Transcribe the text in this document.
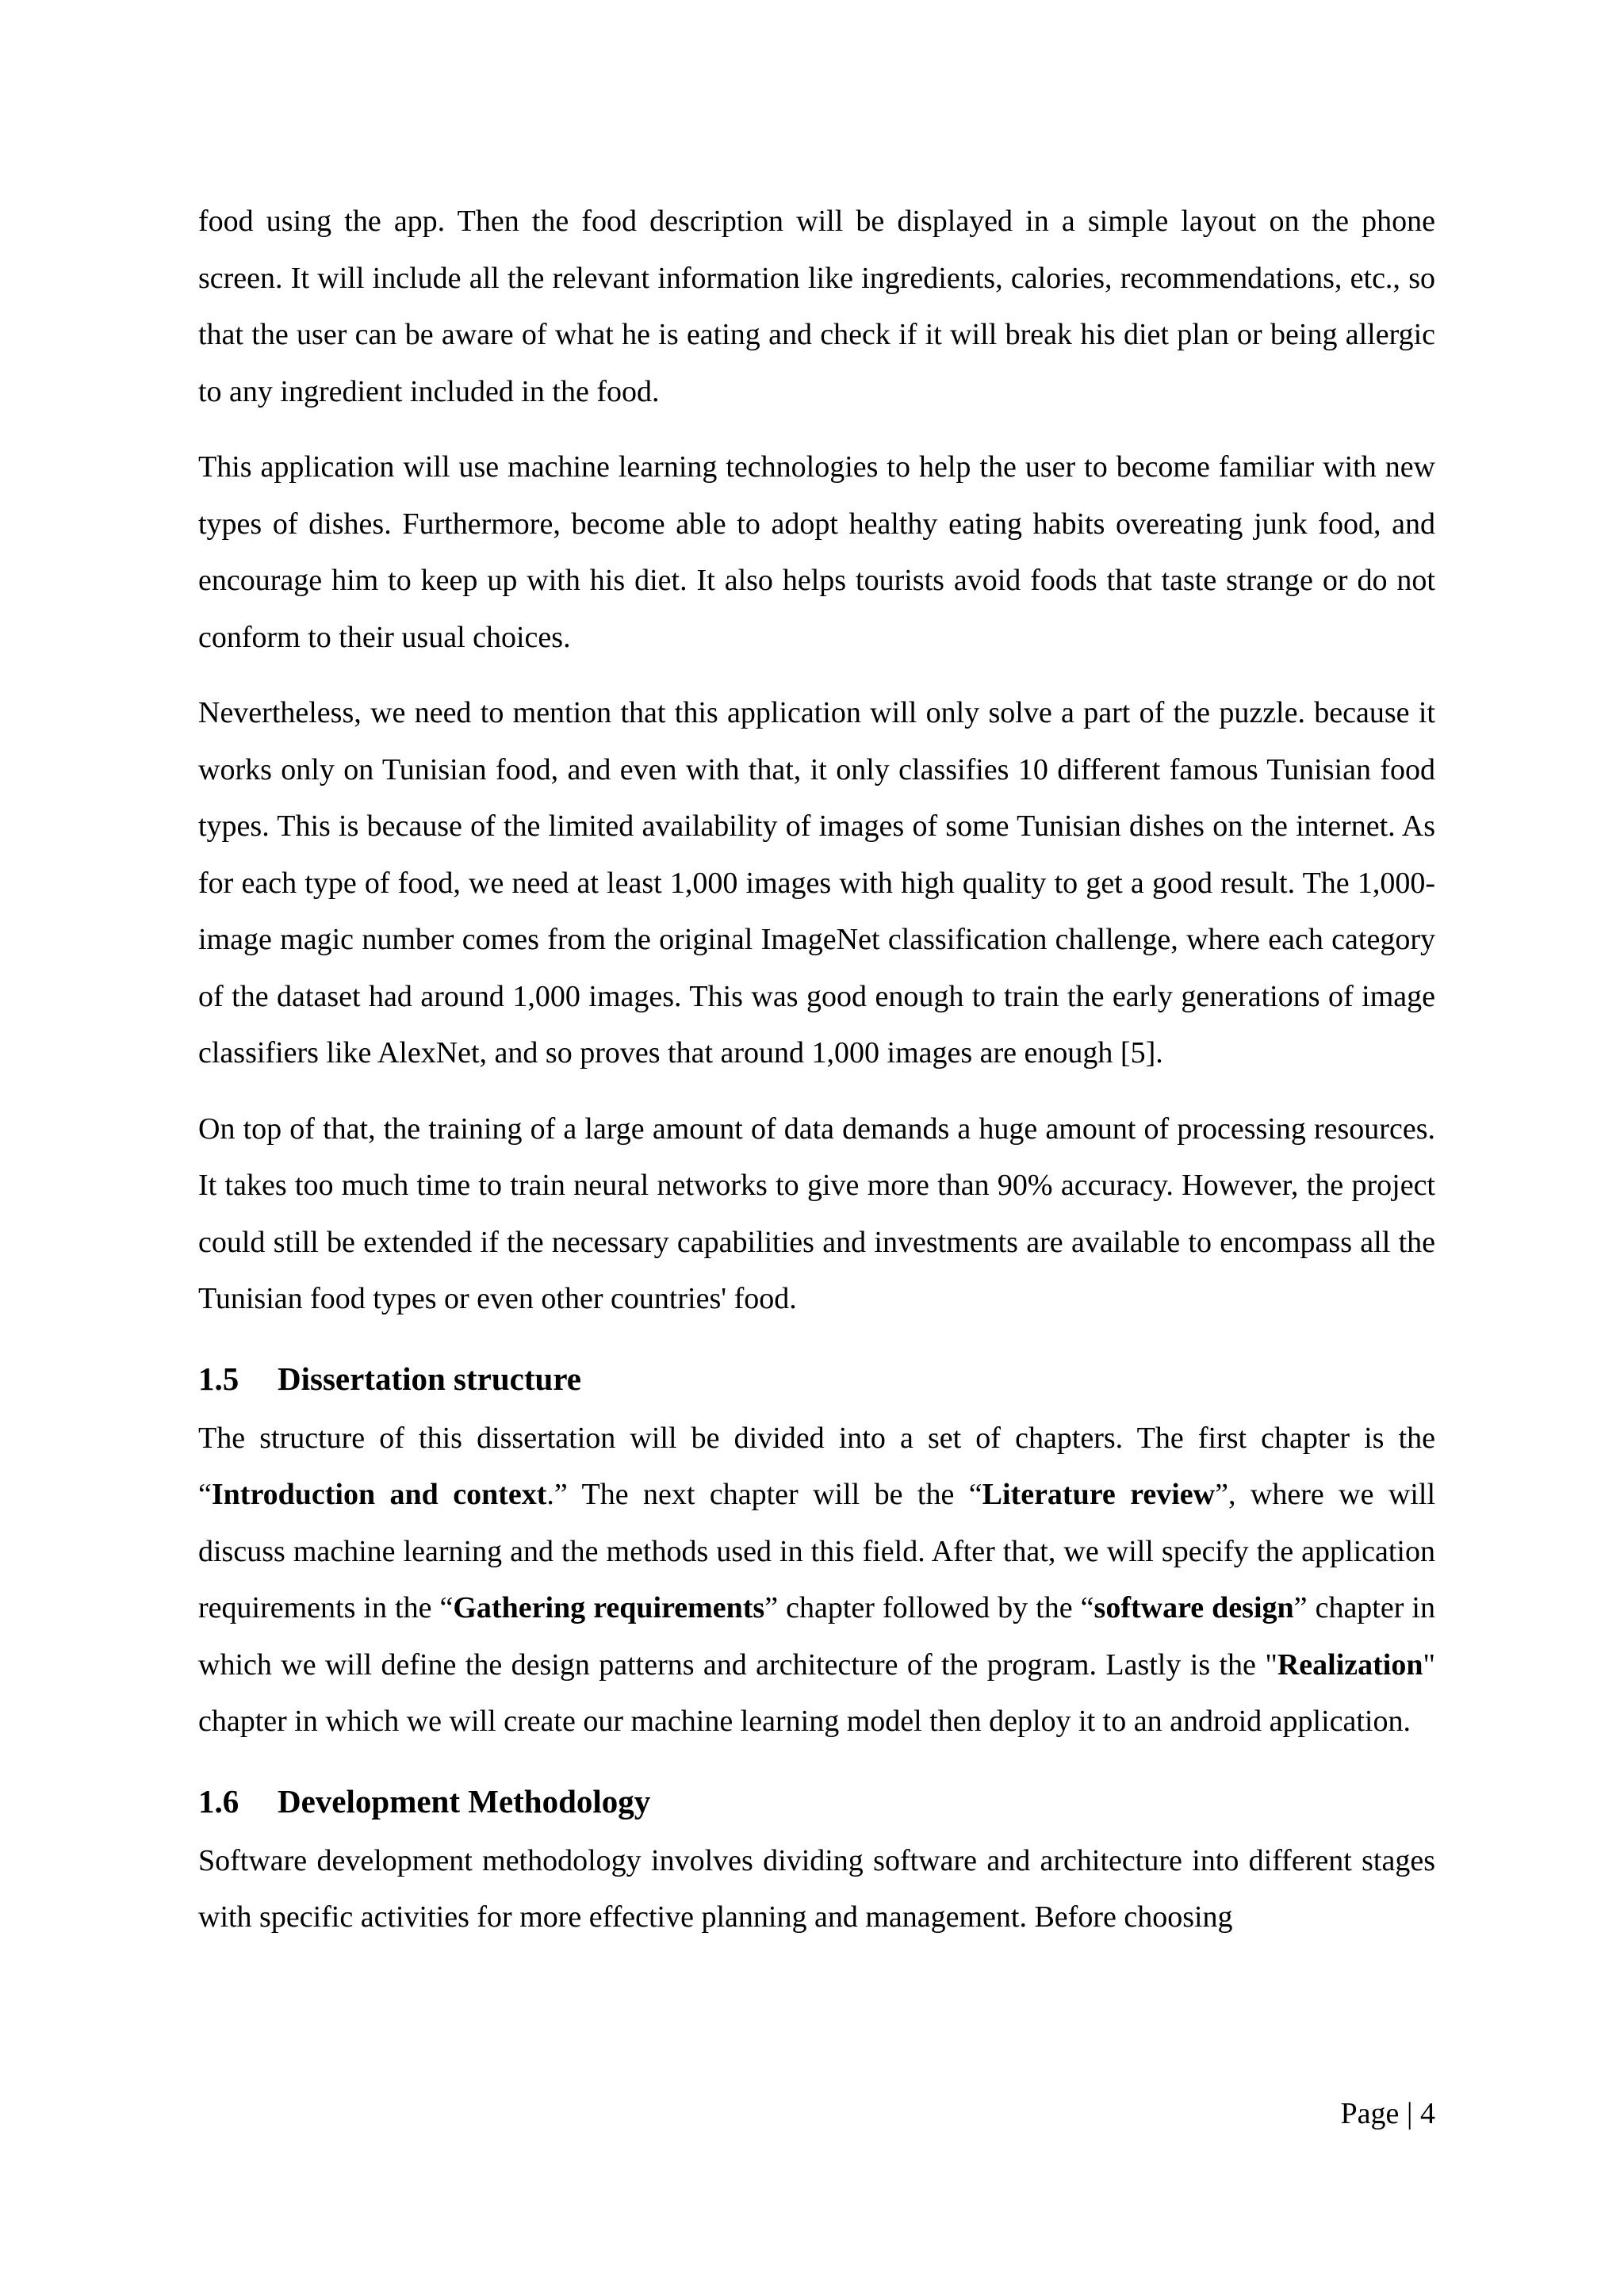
food using the app. Then the food description will be displayed in a simple layout on the phone screen. It will include all the relevant information like ingredients, calories, recommendations, etc., so that the user can be aware of what he is eating and check if it will break his diet plan or being allergic to any ingredient included in the food.

This application will use machine learning technologies to help the user to become familiar with new types of dishes. Furthermore, become able to adopt healthy eating habits overeating junk food, and encourage him to keep up with his diet. It also helps tourists avoid foods that taste strange or do not conform to their usual choices.

Nevertheless, we need to mention that this application will only solve a part of the puzzle. because it works only on Tunisian food, and even with that, it only classifies 10 different famous Tunisian food types. This is because of the limited availability of images of some Tunisian dishes on the internet. As for each type of food, we need at least 1,000 images with high quality to get a good result. The 1,000-image magic number comes from the original ImageNet classification challenge, where each category of the dataset had around 1,000 images. This was good enough to train the early generations of image classifiers like AlexNet, and so proves that around 1,000 images are enough [5].

On top of that, the training of a large amount of data demands a huge amount of processing resources. It takes too much time to train neural networks to give more than 90% accuracy. However, the project could still be extended if the necessary capabilities and investments are available to encompass all the Tunisian food types or even other countries' food.

1.5 Dissertation structure

The structure of this dissertation will be divided into a set of chapters. The first chapter is the “Introduction and context.” The next chapter will be the “Literature review”, where we will discuss machine learning and the methods used in this field. After that, we will specify the application requirements in the “Gathering requirements” chapter followed by the “software design” chapter in which we will define the design patterns and architecture of the program. Lastly is the "Realization" chapter in which we will create our machine learning model then deploy it to an android application.

1.6 Development Methodology

Software development methodology involves dividing software and architecture into different stages with specific activities for more effective planning and management. Before choosing

Page | 4
